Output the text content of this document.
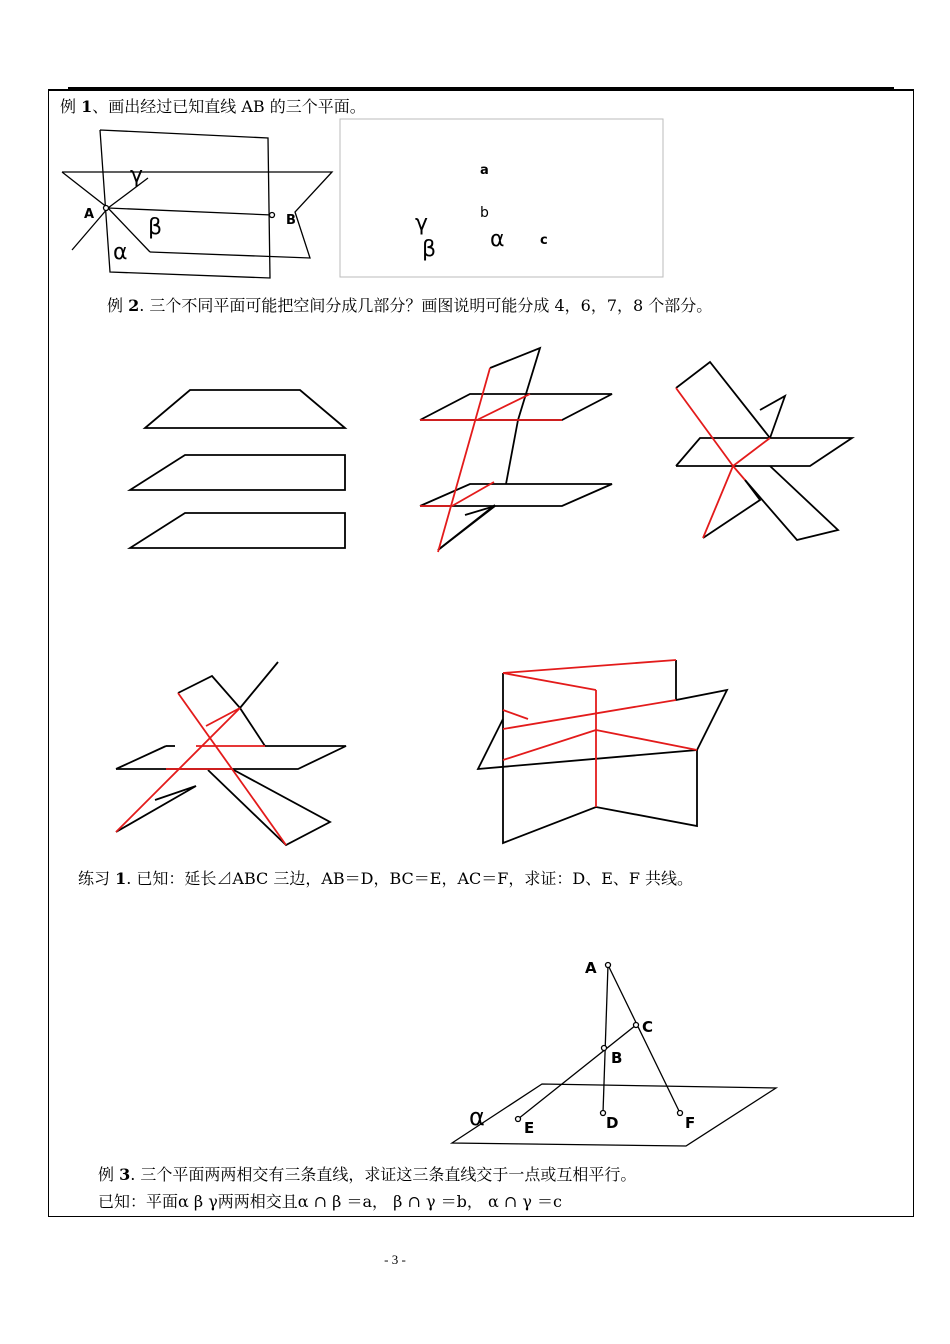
例 1、画出经过已知直线 AB 的三个平面。
例 2. 三个不同平面可能把空间分成几部分？画图说明可能分成 4，6，7，8 个部分。
练习 1. 已知：延长⊿ABC 三边，AB＝D，BC＝E，AC＝F，求证：D、E、F 共线。
例 3. 三个平面两两相交有三条直线，求证这三条直线交于一点或互相平行。
已知：平面α β γ两两相交且α ∩ β ＝a， β ∩ γ ＝b， α ∩ γ ＝c
γ
β
α
A	B
a
b
γ
β α	c
A
C
B
E	D	F
α
- 3 -
